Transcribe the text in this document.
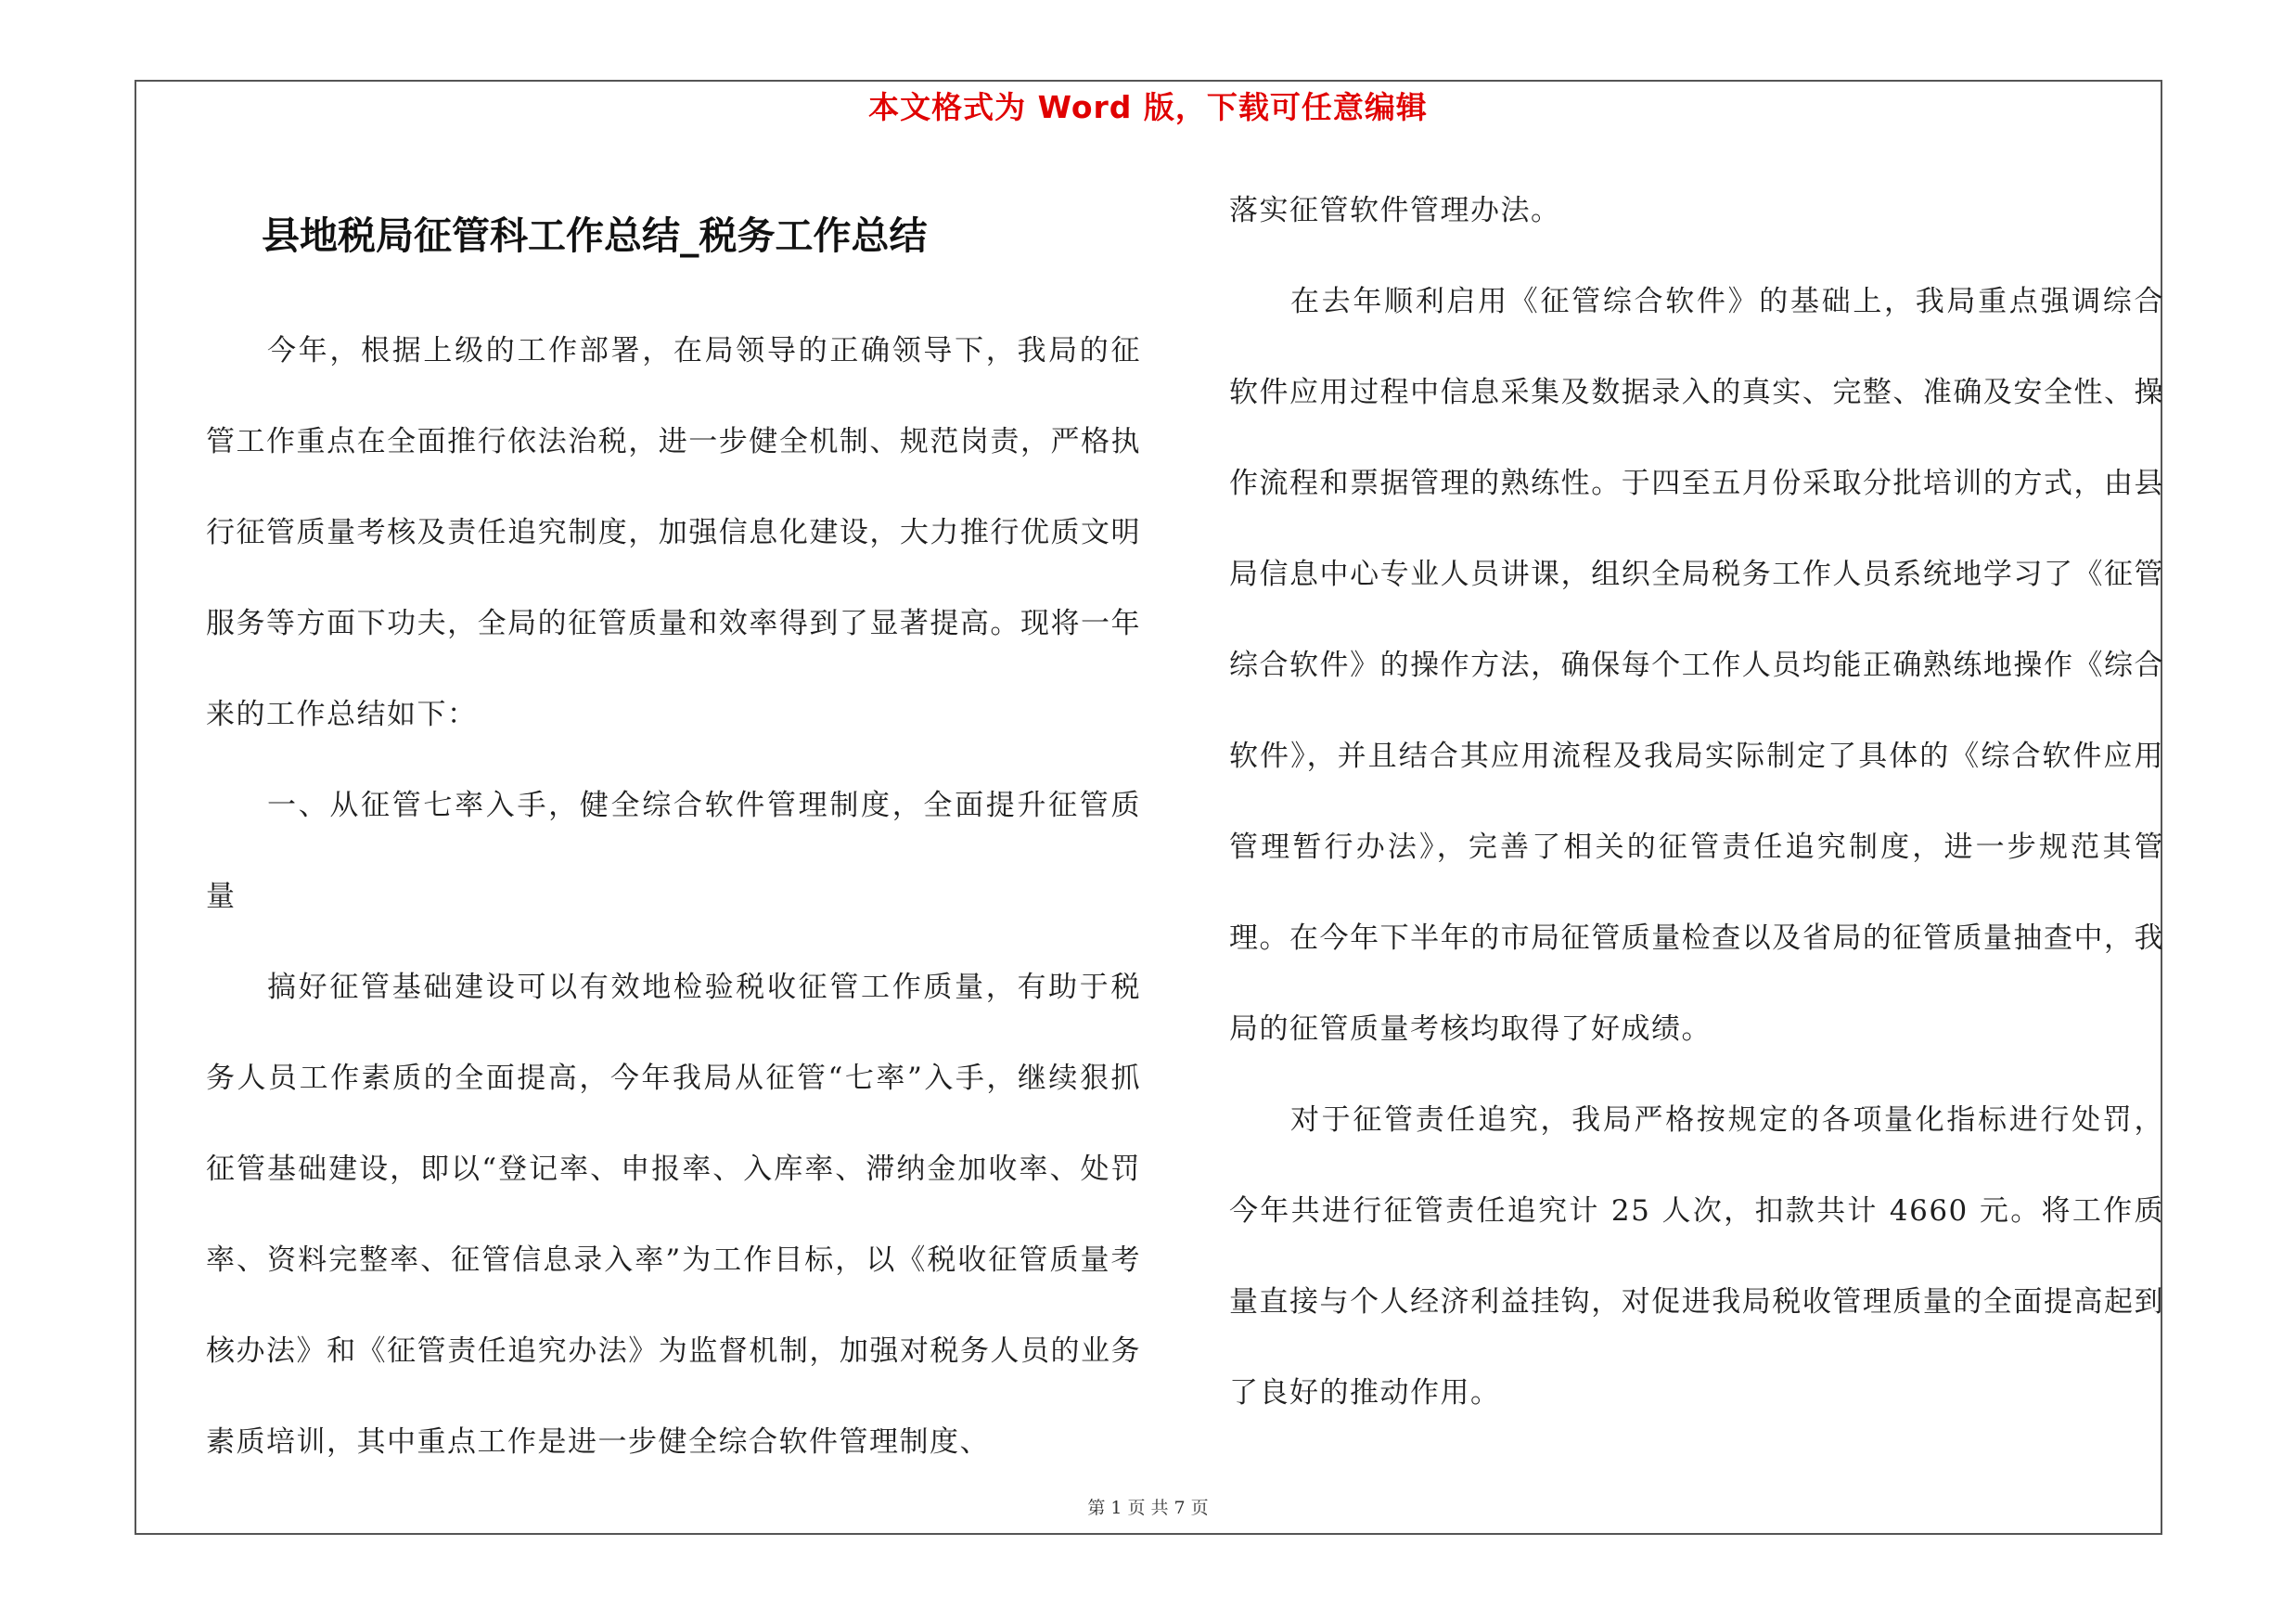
本文格式为 Word 版，下载可任意编辑
县地税局征管科工作总结_税务工作总结

今年，根据上级的工作部署，在局领导的正确领导下，我局的征管工作重点在全面推行依法治税，进一步健全机制、规范岗责，严格执行征管质量考核及责任追究制度，加强信息化建设，大力推行优质文明服务等方面下功夫，全局的征管质量和效率得到了显著提高。现将一年来的工作总结如下：

一、从征管七率入手，健全综合软件管理制度，全面提升征管质量

搞好征管基础建设可以有效地检验税收征管工作质量，有助于税务人员工作素质的全面提高，今年我局从征管“七率”入手，继续狠抓征管基础建设，即以“登记率、申报率、入库率、滞纳金加收率、处罚率、资料完整率、征管信息录入率”为工作目标，以《税收征管质量考核办法》和《征管责任追究办法》为监督机制，加强对税务人员的业务素质培训，其中重点工作是进一步健全综合软件管理制度、

落实征管软件管理办法。

在去年顺利启用《征管综合软件》的基础上，我局重点强调综合软件应用过程中信息采集及数据录入的真实、完整、准确及安全性、操作流程和票据管理的熟练性。于四至五月份采取分批培训的方式，由县局信息中心专业人员讲课，组织全局税务工作人员系统地学习了《征管综合软件》的操作方法，确保每个工作人员均能正确熟练地操作《综合软件》，并且结合其应用流程及我局实际制定了具体的《综合软件应用管理暂行办法》，完善了相关的征管责任追究制度，进一步规范其管理。在今年下半年的市局征管质量检查以及省局的征管质量抽查中，我局的征管质量考核均取得了好成绩。

对于征管责任追究，我局严格按规定的各项量化指标进行处罚，今年共进行征管责任追究计 25 人次，扣款共计 4660 元。将工作质量直接与个人经济利益挂钩，对促进我局税收管理质量的全面提高起到了良好的推动作用。

第 1 页 共 7 页
